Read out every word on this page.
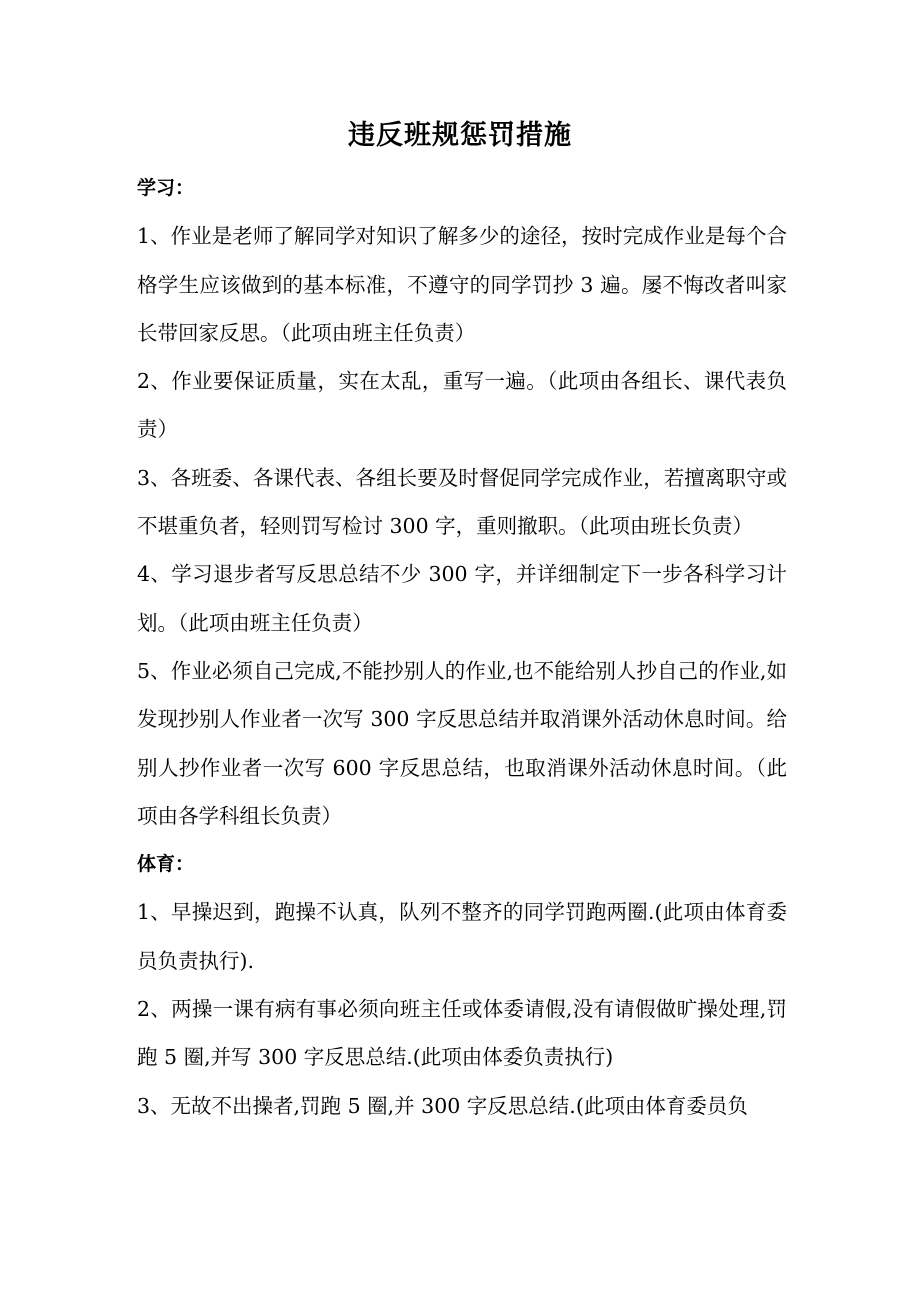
违反班规惩罚措施

学习：

1、作业是老师了解同学对知识了解多少的途径，按时完成作业是每个合格学生应该做到的基本标准，不遵守的同学罚抄 3 遍。屡不悔改者叫家长带回家反思。（此项由班主任负责）

2、作业要保证质量，实在太乱，重写一遍。（此项由各组长、课代表负责）

3、各班委、各课代表、各组长要及时督促同学完成作业，若擅离职守或不堪重负者，轻则罚写检讨 300 字，重则撤职。（此项由班长负责）

4、学习退步者写反思总结不少 300 字，并详细制定下一步各科学习计划。（此项由班主任负责）

5、作业必须自己完成,不能抄别人的作业,也不能给别人抄自己的作业,如发现抄别人作业者一次写 300 字反思总结并取消课外活动休息时间。给别人抄作业者一次写 600 字反思总结，也取消课外活动休息时间。（此项由各学科组长负责）

体育：

1、早操迟到，跑操不认真，队列不整齐的同学罚跑两圈.(此项由体育委员负责执行).

2、两操一课有病有事必须向班主任或体委请假,没有请假做旷操处理,罚跑 5 圈,并写 300 字反思总结.(此项由体委负责执行)

3、无故不出操者,罚跑 5 圈,并 300 字反思总结.(此项由体育委员负
